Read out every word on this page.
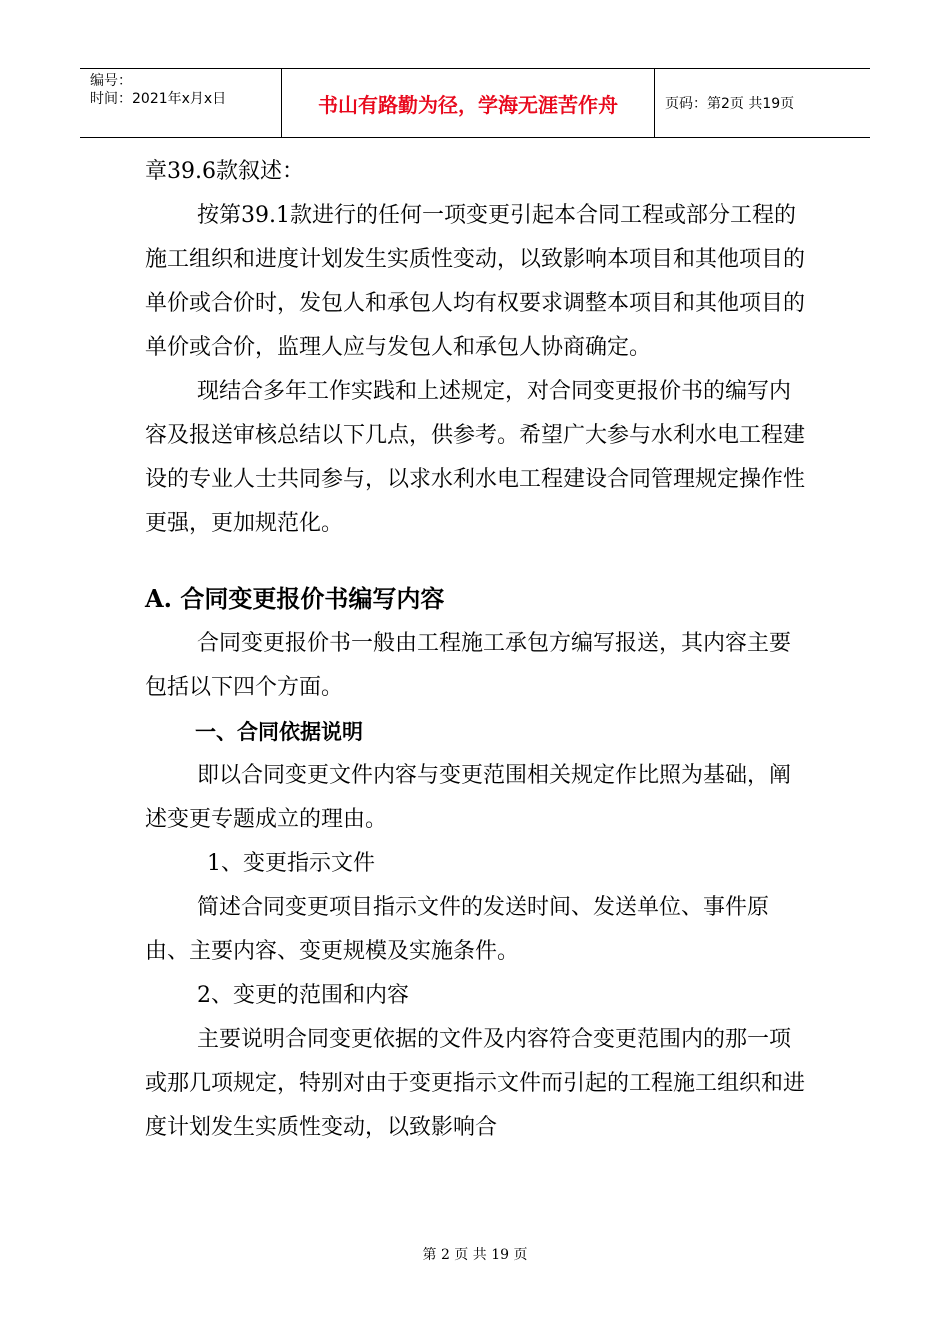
编号：
时间：2021年x月x日	书山有路勤为径，学海无涯苦作舟	页码：第2页 共19页

章39.6款叙述：

按第39.1款进行的任何一项变更引起本合同工程或部分工程的施工组织和进度计划发生实质性变动，以致影响本项目和其他项目的单价或合价时，发包人和承包人均有权要求调整本项目和其他项目的单价或合价，监理人应与发包人和承包人协商确定。

现结合多年工作实践和上述规定，对合同变更报价书的编写内容及报送审核总结以下几点，供参考。希望广大参与水利水电工程建设的专业人士共同参与，以求水利水电工程建设合同管理规定操作性更强，更加规范化。

A. 合同变更报价书编写内容

合同变更报价书一般由工程施工承包方编写报送，其内容主要包括以下四个方面。

一、合同依据说明

即以合同变更文件内容与变更范围相关规定作比照为基础，阐述变更专题成立的理由。

1、变更指示文件

简述合同变更项目指示文件的发送时间、发送单位、事件原由、主要内容、变更规模及实施条件。

2、变更的范围和内容

主要说明合同变更依据的文件及内容符合变更范围内的那一项或那几项规定，特别对由于变更指示文件而引起的工程施工组织和进度计划发生实质性变动，以致影响合

第 2 页 共 19 页
